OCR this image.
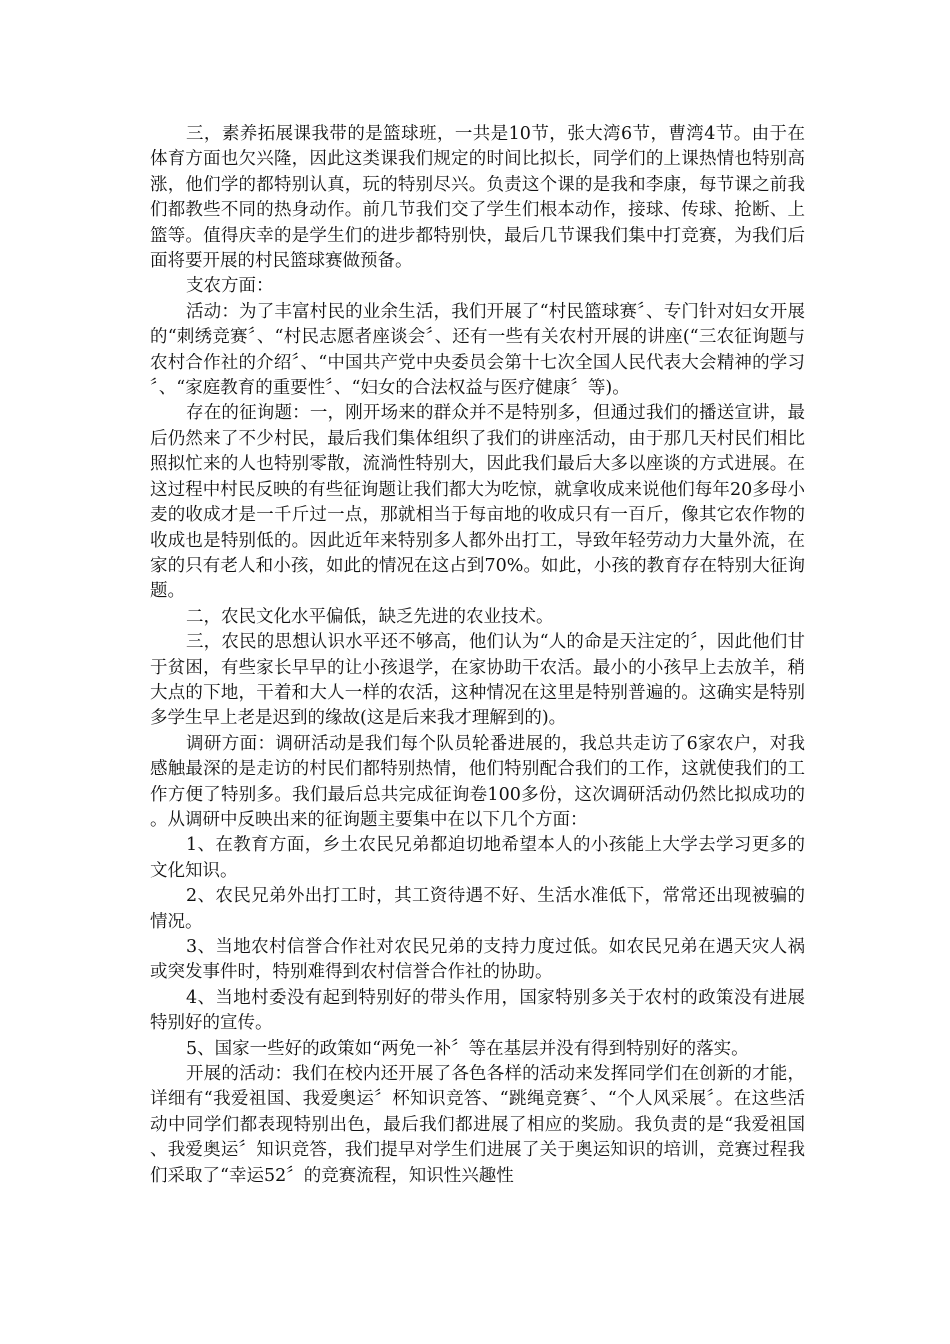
三，素养拓展课我带的是篮球班，一共是10节，张大湾6节，曹湾4节。由于在体育方面也欠兴隆，因此这类课我们规定的时间比拟长，同学们的上课热情也特别高涨，他们学的都特别认真，玩的特别尽兴。负责这个课的是我和李康，每节课之前我们都教些不同的热身动作。前几节我们交了学生们根本动作，接球、传球、抢断、上篮等。值得庆幸的是学生们的进步都特别快，最后几节课我们集中打竞赛，为我们后面将要开展的村民篮球赛做预备。

支农方面：

活动：为了丰富村民的业余生活，我们开展了“村民篮球赛〞、专门针对妇女开展的“刺绣竞赛〞、“村民志愿者座谈会〞、还有一些有关农村开展的讲座(“三农征询题与农村合作社的介绍〞、“中国共产党中央委员会第十七次全国人民代表大会精神的学习〞、“家庭教育的重要性〞、“妇女的合法权益与医疗健康〞等)。

存在的征询题：一，刚开场来的群众并不是特别多，但通过我们的播送宣讲，最后仍然来了不少村民，最后我们集体组织了我们的讲座活动，由于那几天村民们相比照拟忙来的人也特别零散，流淌性特别大，因此我们最后大多以座谈的方式进展。在这过程中村民反映的有些征询题让我们都大为吃惊，就拿收成来说他们每年20多母小麦的收成才是一千斤过一点，那就相当于每亩地的收成只有一百斤，像其它农作物的收成也是特别低的。因此近年来特别多人都外出打工，导致年轻劳动力大量外流，在家的只有老人和小孩，如此的情况在这占到70%。如此，小孩的教育存在特别大征询题。

二，农民文化水平偏低，缺乏先进的农业技术。

三，农民的思想认识水平还不够高，他们认为“人的命是天注定的〞，因此他们甘于贫困，有些家长早早的让小孩退学，在家协助干农活。最小的小孩早上去放羊，稍大点的下地，干着和大人一样的农活，这种情况在这里是特别普遍的。这确实是特别多学生早上老是迟到的缘故(这是后来我才理解到的)。

调研方面：调研活动是我们每个队员轮番进展的，我总共走访了6家农户，对我感触最深的是走访的村民们都特别热情，他们特别配合我们的工作，这就使我们的工作方便了特别多。我们最后总共完成征询卷100多份，这次调研活动仍然比拟成功的。从调研中反映出来的征询题主要集中在以下几个方面：

1、在教育方面，乡土农民兄弟都迫切地希望本人的小孩能上大学去学习更多的文化知识。

2、农民兄弟外出打工时，其工资待遇不好、生活水准低下，常常还出现被骗的情况。

3、当地农村信誉合作社对农民兄弟的支持力度过低。如农民兄弟在遇天灾人祸或突发事件时，特别难得到农村信誉合作社的协助。

4、当地村委没有起到特别好的带头作用，国家特别多关于农村的政策没有进展特别好的宣传。

5、国家一些好的政策如“两免一补〞等在基层并没有得到特别好的落实。

开展的活动：我们在校内还开展了各色各样的活动来发挥同学们在创新的才能，详细有“我爱祖国、我爱奥运〞杯知识竞答、“跳绳竞赛〞、“个人风采展〞。在这些活动中同学们都表现特别出色，最后我们都进展了相应的奖励。我负责的是“我爱祖国、我爱奥运〞知识竞答，我们提早对学生们进展了关于奥运知识的培训，竞赛过程我们采取了“幸运52〞的竞赛流程，知识性兴趣性
